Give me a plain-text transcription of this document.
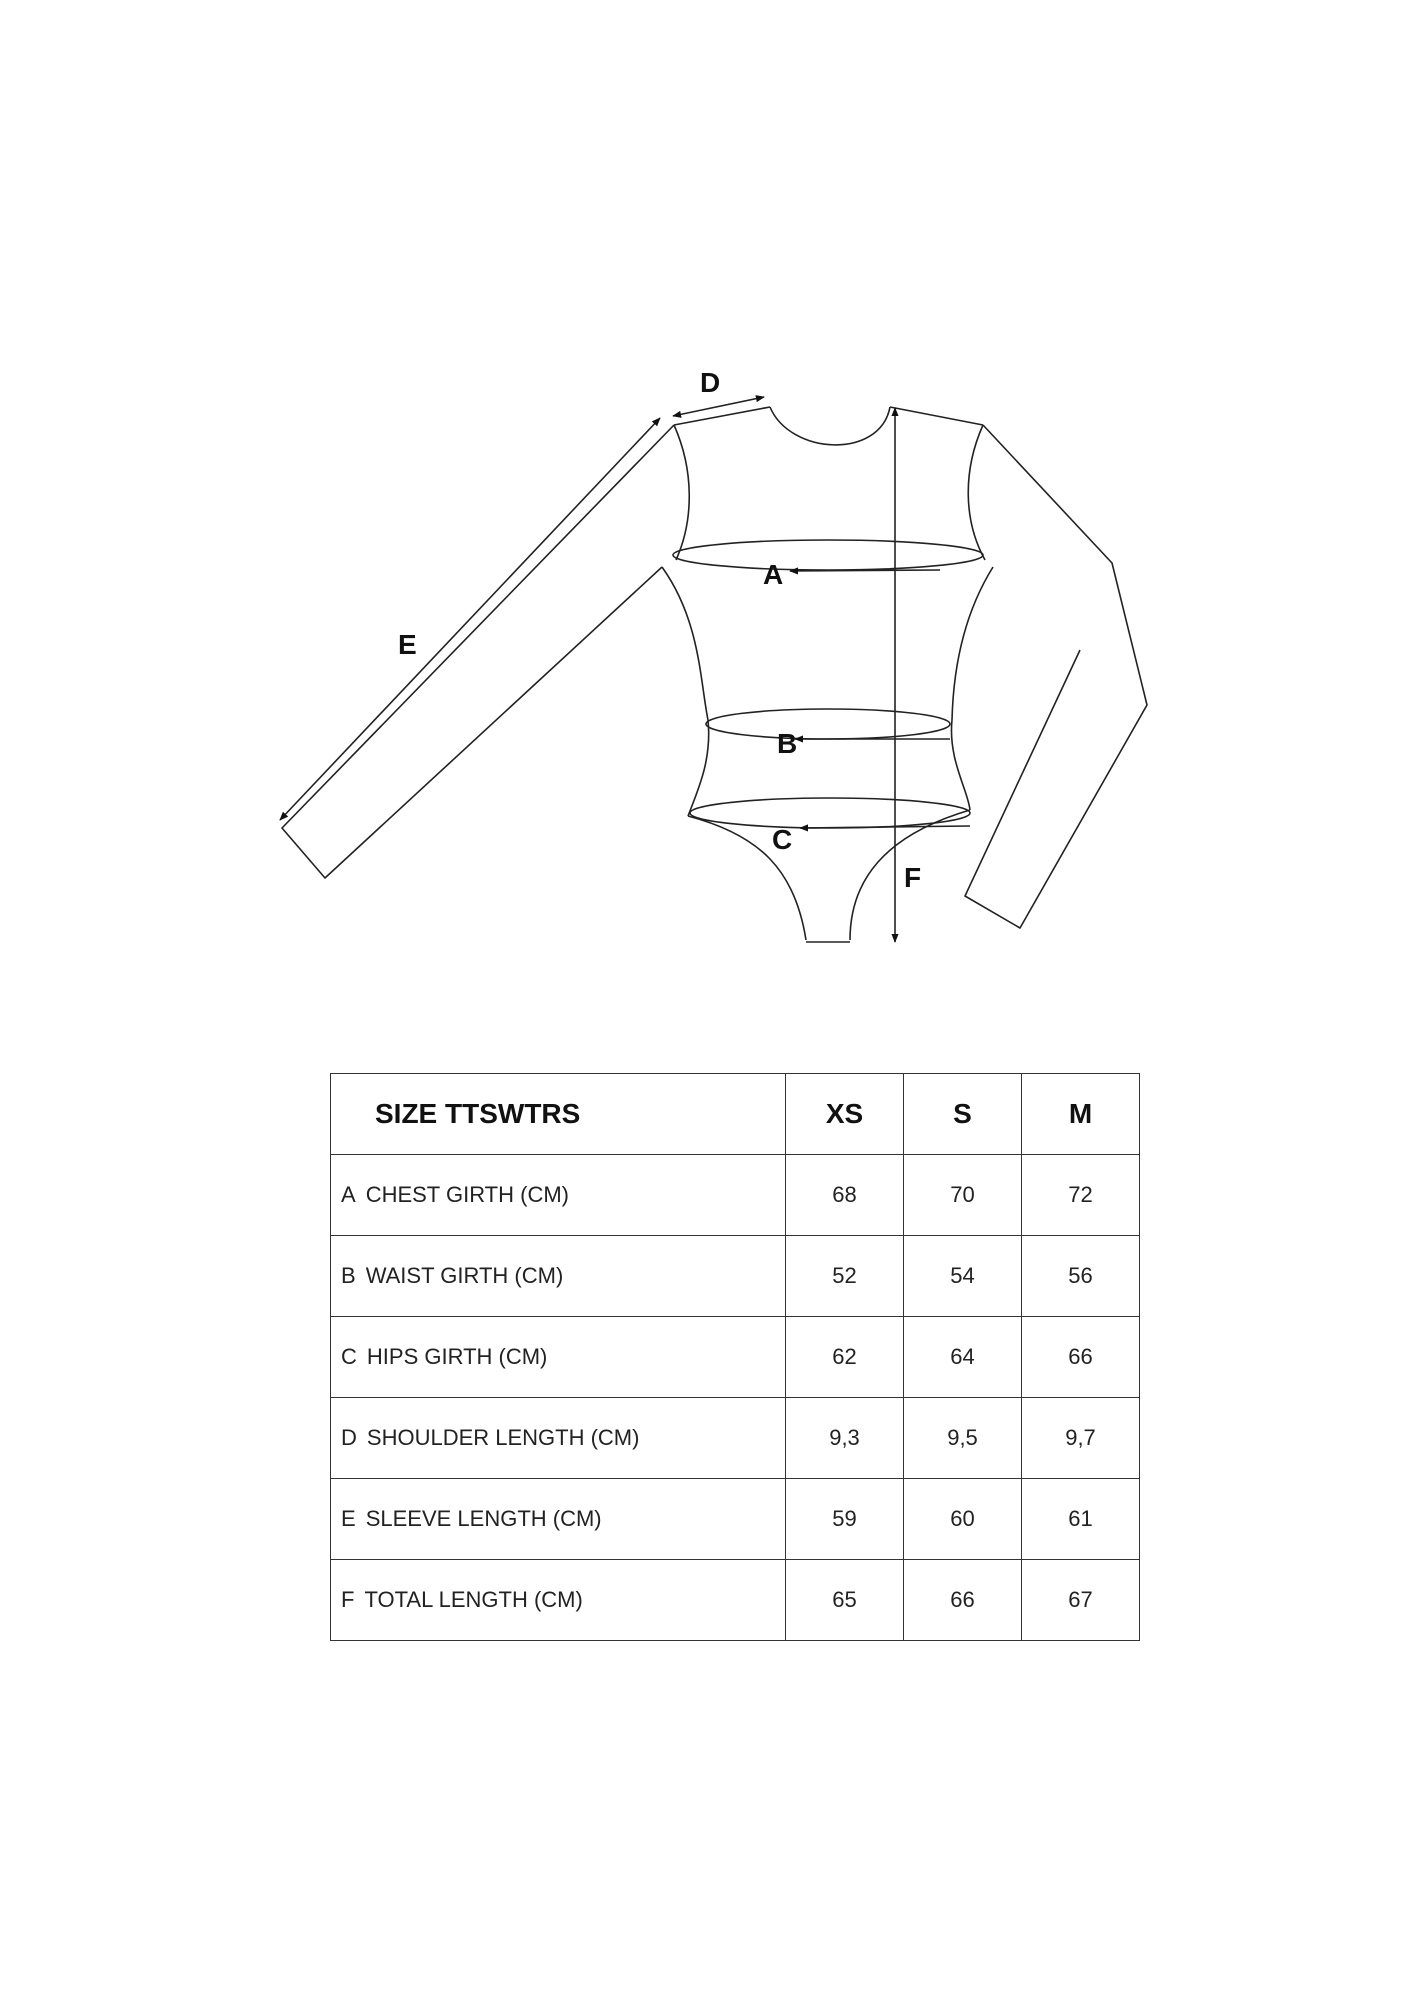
A
B
C
D
E
F
SIZE TTSWTRS	XS	S	M
A CHEST GIRTH (CM)	68	70	72
B WAIST GIRTH (CM)	52	54	56
C HIPS GIRTH (CM)	62	64	66
D SHOULDER LENGTH (CM)	9,3	9,5	9,7
E SLEEVE LENGTH (CM)	59	60	61
F TOTAL LENGTH (CM)	65	66	67
